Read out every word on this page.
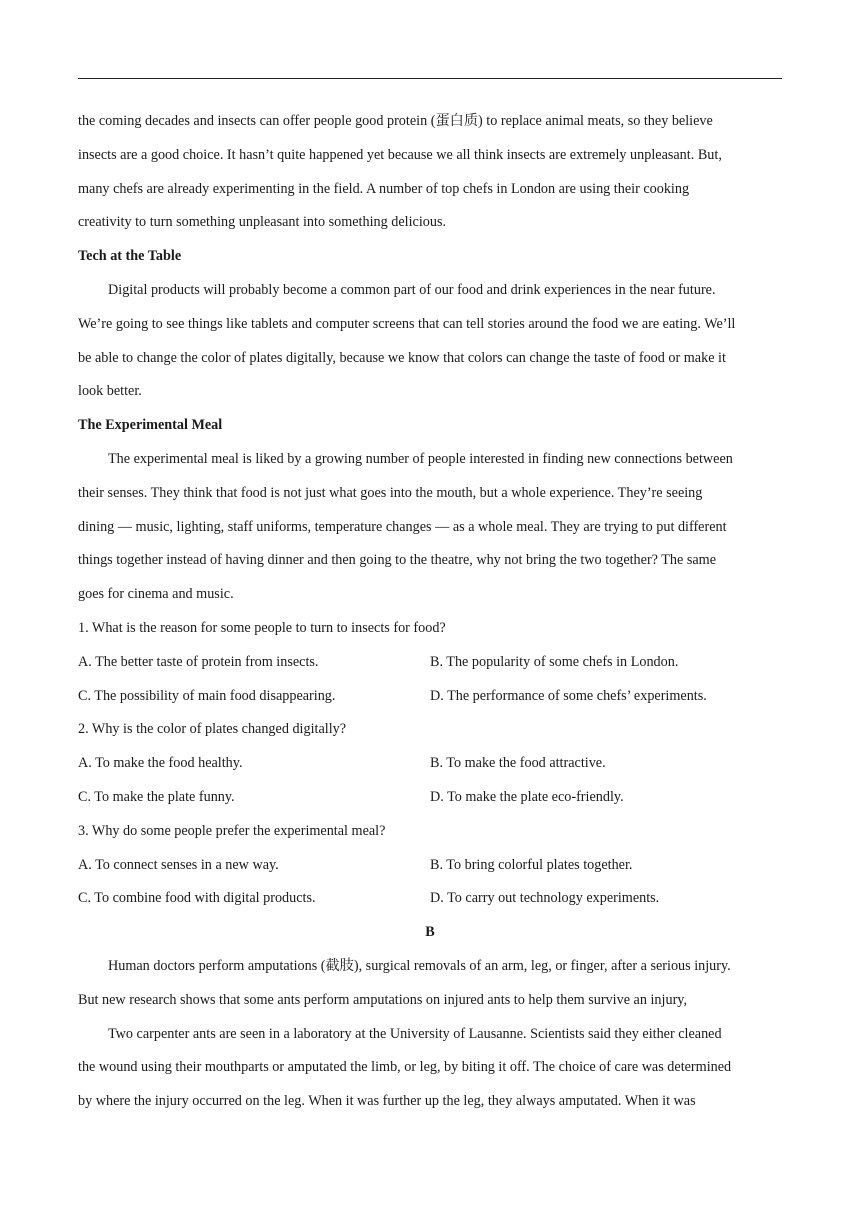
the coming decades and insects can offer people good protein (蛋白质) to replace animal meats, so they believe
insects are a good choice. It hasn’t quite happened yet because we all think insects are extremely unpleasant. But,
many chefs are already experimenting in the field. A number of top chefs in London are using their cooking
creativity to turn something unpleasant into something delicious.
Tech at the Table
Digital products will probably become a common part of our food and drink experiences in the near future.
We’re going to see things like tablets and computer screens that can tell stories around the food we are eating. We’ll
be able to change the color of plates digitally, because we know that colors can change the taste of food or make it
look better.
The Experimental Meal
The experimental meal is liked by a growing number of people interested in finding new connections between
their senses. They think that food is not just what goes into the mouth, but a whole experience. They’re seeing
dining — music, lighting, staff uniforms, temperature changes — as a whole meal. They are trying to put different
things together instead of having dinner and then going to the theatre, why not bring the two together? The same
goes for cinema and music.
1. What is the reason for some people to turn to insects for food?
A. The better taste of protein from insects.	B. The popularity of some chefs in London.
C. The possibility of main food disappearing.	D. The performance of some chefs’ experiments.
2. Why is the color of plates changed digitally?
A. To make the food healthy.	B. To make the food attractive.
C. To make the plate funny.	D. To make the plate eco-friendly.
3. Why do some people prefer the experimental meal?
A. To connect senses in a new way.	B. To bring colorful plates together.
C. To combine food with digital products.	D. To carry out technology experiments.
B
Human doctors perform amputations (截肢), surgical removals of an arm, leg, or finger, after a serious injury.
But new research shows that some ants perform amputations on injured ants to help them survive an injury,
Two carpenter ants are seen in a laboratory at the University of Lausanne. Scientists said they either cleaned
the wound using their mouthparts or amputated the limb, or leg, by biting it off. The choice of care was determined
by where the injury occurred on the leg. When it was further up the leg, they always amputated. When it was
